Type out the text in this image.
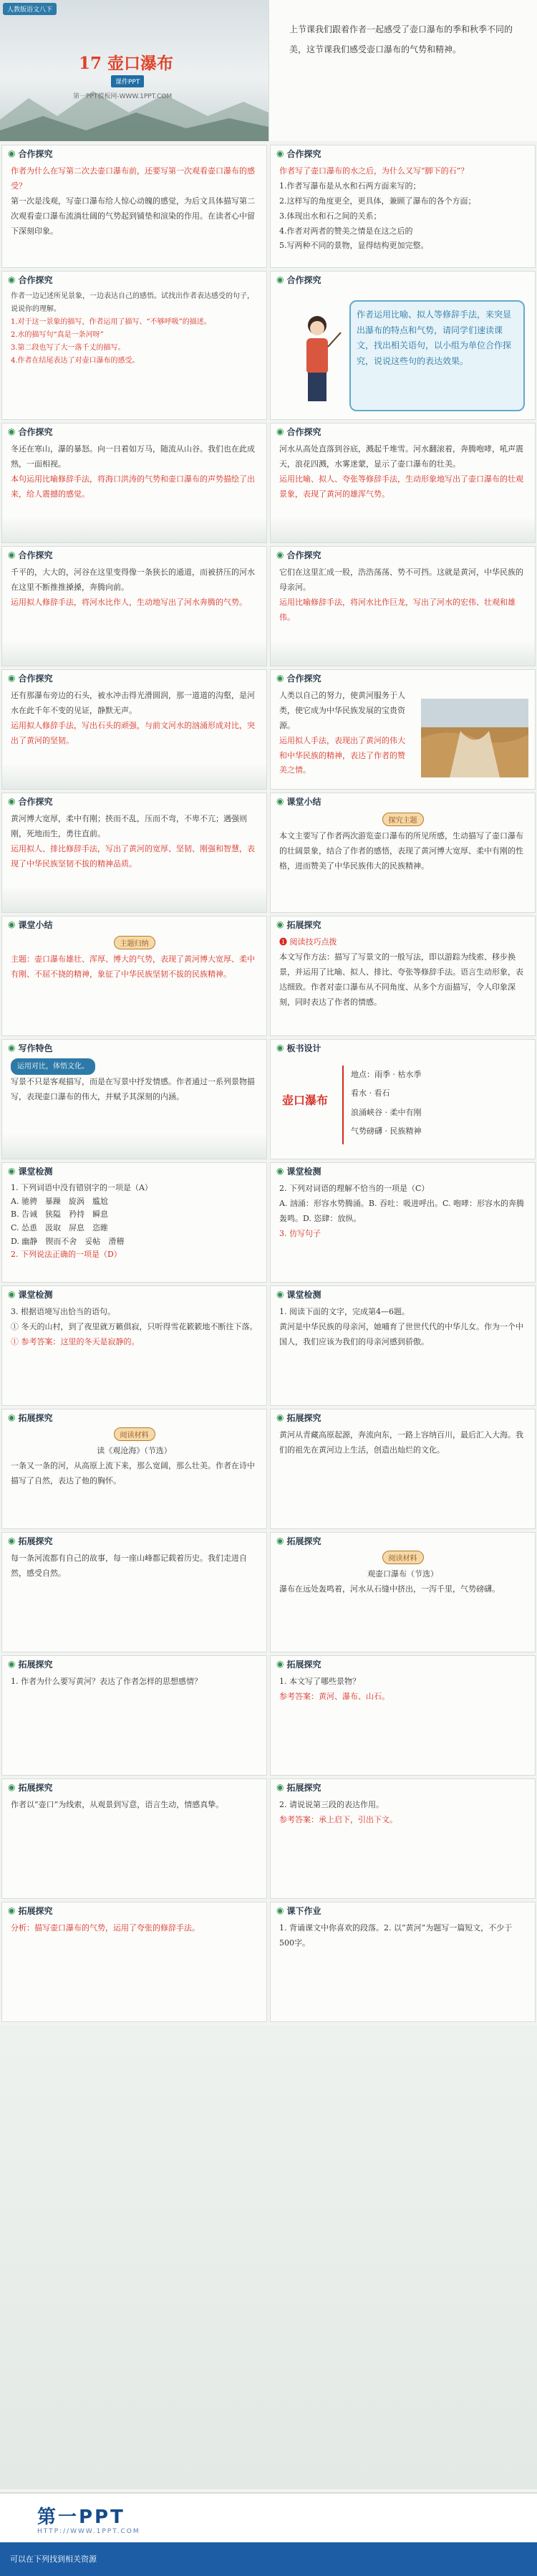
人教版语文八下
17 壶口瀑布
课件PPT
第一PPT模板网-WWW.1PPT.COM
上节课我们跟着作者一起感受了壶口瀑布的季和秋季不同的美，这节课我们感受壶口瀑布的气势和精神。
◉ 合作探究

作者为什么在写第二次去壶口瀑布前，还要写第一次观看壶口瀑布的感受？

第一次是浅观，写壶口瀑布给人惊心动魄的感觉，为后文具体描写第二次观看壶口瀑布流淌壮阔的气势起到铺垫和渲染的作用。在读者心中留下深刻印象。

◉ 合作探究

作者写了壶口瀑布的水之后，为什么又写“脚下的石”？

1.作者写瀑布是从水和石两方面来写的；

2.这样写的角度更全，更具体，兼顾了瀑布的各个方面；

3.体现出水和石之间的关系；

4.作者对两者的赞美之情是在这之后的

5.写两种不同的景物，显得结构更加完整。

◉ 合作探究

作者一边记述所见景象，一边表达自己的感悟。试找出作者表达感受的句子，说说你的理解。

1.对于这一景象的描写，作者运用了描写、“不够呼吸”的描述。

2.水的描写句“真是一条河呀”

3.第二段也写了大一落千丈的描写。

4.作者在结尾表达了对壶口瀑布的感受。

◉ 合作探究
作者运用比喻、拟人等修辞手法，来突显出瀑布的特点和气势，请同学们速读课文，找出相关语句，以小组为单位合作探究，说说这些句的表达效果。
◉ 合作探究

冬还在寒山，瀑的暴怒。向一日着如万马，随流从山谷。我们也在此成熟，一面相视。

本句运用比喻修辞手法，将海口洪涛的气势和壶口瀑布的声势描绘了出来，给人震撼的感觉。

◉ 合作探究

河水从高处直落到谷底，溅起千堆雪。河水翻滚着，奔腾咆哮，吼声震天，浪花四溅，水雾迷蒙，显示了壶口瀑布的壮美。

运用比喻、拟人、夸张等修辞手法，生动形象地写出了壶口瀑布的壮观景象，表现了黄河的雄浑气势。

◉ 合作探究

千平的，大大的，河谷在这里变得像一条狭长的通道，而被挤压的河水在这里不断推推搡搡，奔腾向前。

运用拟人修辞手法，将河水比作人，生动地写出了河水奔腾的气势。

◉ 合作探究

它们在这里汇成一股，浩浩荡荡、势不可挡。这就是黄河，中华民族的母亲河。

运用比喻修辞手法，将河水比作巨龙，写出了河水的宏伟、壮观和雄伟。

◉ 合作探究

还有那瀑布旁边的石头，被水冲击得光滑圆润，那一道道的沟壑，是河水在此千年不变的见证，静默无声。

运用拟人修辞手法，写出石头的顽强，与前文河水的汹涌形成对比，突出了黄河的坚韧。

◉ 合作探究

人类以自己的努力，使黄河服务于人类，使它成为中华民族发展的宝贵资源。

运用拟人手法，表现出了黄河的伟大和中华民族的精神，表达了作者的赞美之情。

◉ 合作探究

黄河博大宽厚，柔中有刚；挟而不乱，压而不弯，不卑不亢；遇强则刚，死地而生，勇往直前。

运用拟人、排比修辞手法，写出了黄河的宽厚、坚韧、刚强和智慧，表现了中华民族坚韧不拔的精神品质。

◉ 课堂小结
探究主题

本文主要写了作者两次游览壶口瀑布的所见所感，生动描写了壶口瀑布的壮阔景象，结合了作者的感悟，表现了黄河博大宽厚、柔中有刚的性格，进而赞美了中华民族伟大的民族精神。

◉ 课堂小结
主题归纳

主题：壶口瀑布雄壮、浑厚、博大的气势，表现了黄河博大宽厚、柔中有刚、不屈不挠的精神，象征了中华民族坚韧不拔的民族精神。

◉ 拓展探究

❶ 阅读技巧点拨

本文写作方法：描写了写景文的一般写法，即以游踪为线索、移步换景，并运用了比喻、拟人、排比、夸张等修辞手法。语言生动形象，表达细致。作者对壶口瀑布从不同角度、从多个方面描写，令人印象深刻，同时表达了作者的情感。

◉ 写作特色

运用对比，体悟文化。

写景不只是客观描写，而是在写景中抒发情感。作者通过一系列景物描写，表现壶口瀑布的伟大，并赋予其深刻的内涵。

◉ 板书设计
壶口瀑布

地点：雨季 · 枯水季

看水 · 看石

浪涌峡谷 · 柔中有刚

气势磅礴 · 民族精神

◉ 课堂检测

1. 下列词语中没有错别字的一项是（A）

A. 驰骋　暴躁　旋涡　尴尬

B. 告诫　狭隘　矜持　瞬息

C. 怂恿　汲取　屏息　恣睢

D. 幽静　锲而不舍　妥帖　滑稽

2. 下列说法正确的一项是（D）

◉ 课堂检测

2. 下列对词语的理解不恰当的一项是（C）

A. 汹涌：形容水势腾涌。B. 吞吐：吸进呼出。C. 咆哮：形容水的奔腾轰鸣。D. 恣肆：放纵。

3. 仿写句子

◉ 课堂检测

3. 根据语境写出恰当的语句。

① 冬天的山村，到了夜里就万籁俱寂，只听得雪花簌簌地不断往下落。

① 参考答案：这里的冬天是寂静的。

◉ 课堂检测

1. 阅读下面的文字，完成第4—6题。

黄河是中华民族的母亲河，她哺育了世世代代的中华儿女。作为一个中国人，我们应该为我们的母亲河感到骄傲。

◉ 拓展探究
阅读材料

读《观沧海》（节选）

一条又一条的河，从高原上流下来，那么宽阔，那么壮美。作者在诗中描写了自然，表达了他的胸怀。

◉ 拓展探究

黄河从青藏高原起源，奔流向东，一路上容纳百川，最后汇入大海。我们的祖先在黄河边上生活，创造出灿烂的文化。

◉ 拓展探究

每一条河流都有自己的故事，每一座山峰都记载着历史。我们走进自然，感受自然。

◉ 拓展探究
阅读材料

观壶口瀑布（节选）

瀑布在远处轰鸣着，河水从石缝中挤出，一泻千里，气势磅礴。

◉ 拓展探究

1. 作者为什么要写黄河？表达了作者怎样的思想感情？

◉ 拓展探究

1. 本文写了哪些景物？

参考答案：黄河、瀑布、山石。

◉ 拓展探究

作者以“壶口”为线索，从观景到写意，语言生动，情感真挚。

◉ 拓展探究

2. 请说说第三段的表达作用。

参考答案：承上启下，引出下文。

◉ 拓展探究

分析：描写壶口瀑布的气势，运用了夸张的修辞手法。

◉ 课下作业

1. 背诵课文中你喜欢的段落。2. 以“黄河”为题写一篇短文，不少于500字。

第一PPT
HTTP://WWW.1PPT.COM
可以在下列找到相关资源
